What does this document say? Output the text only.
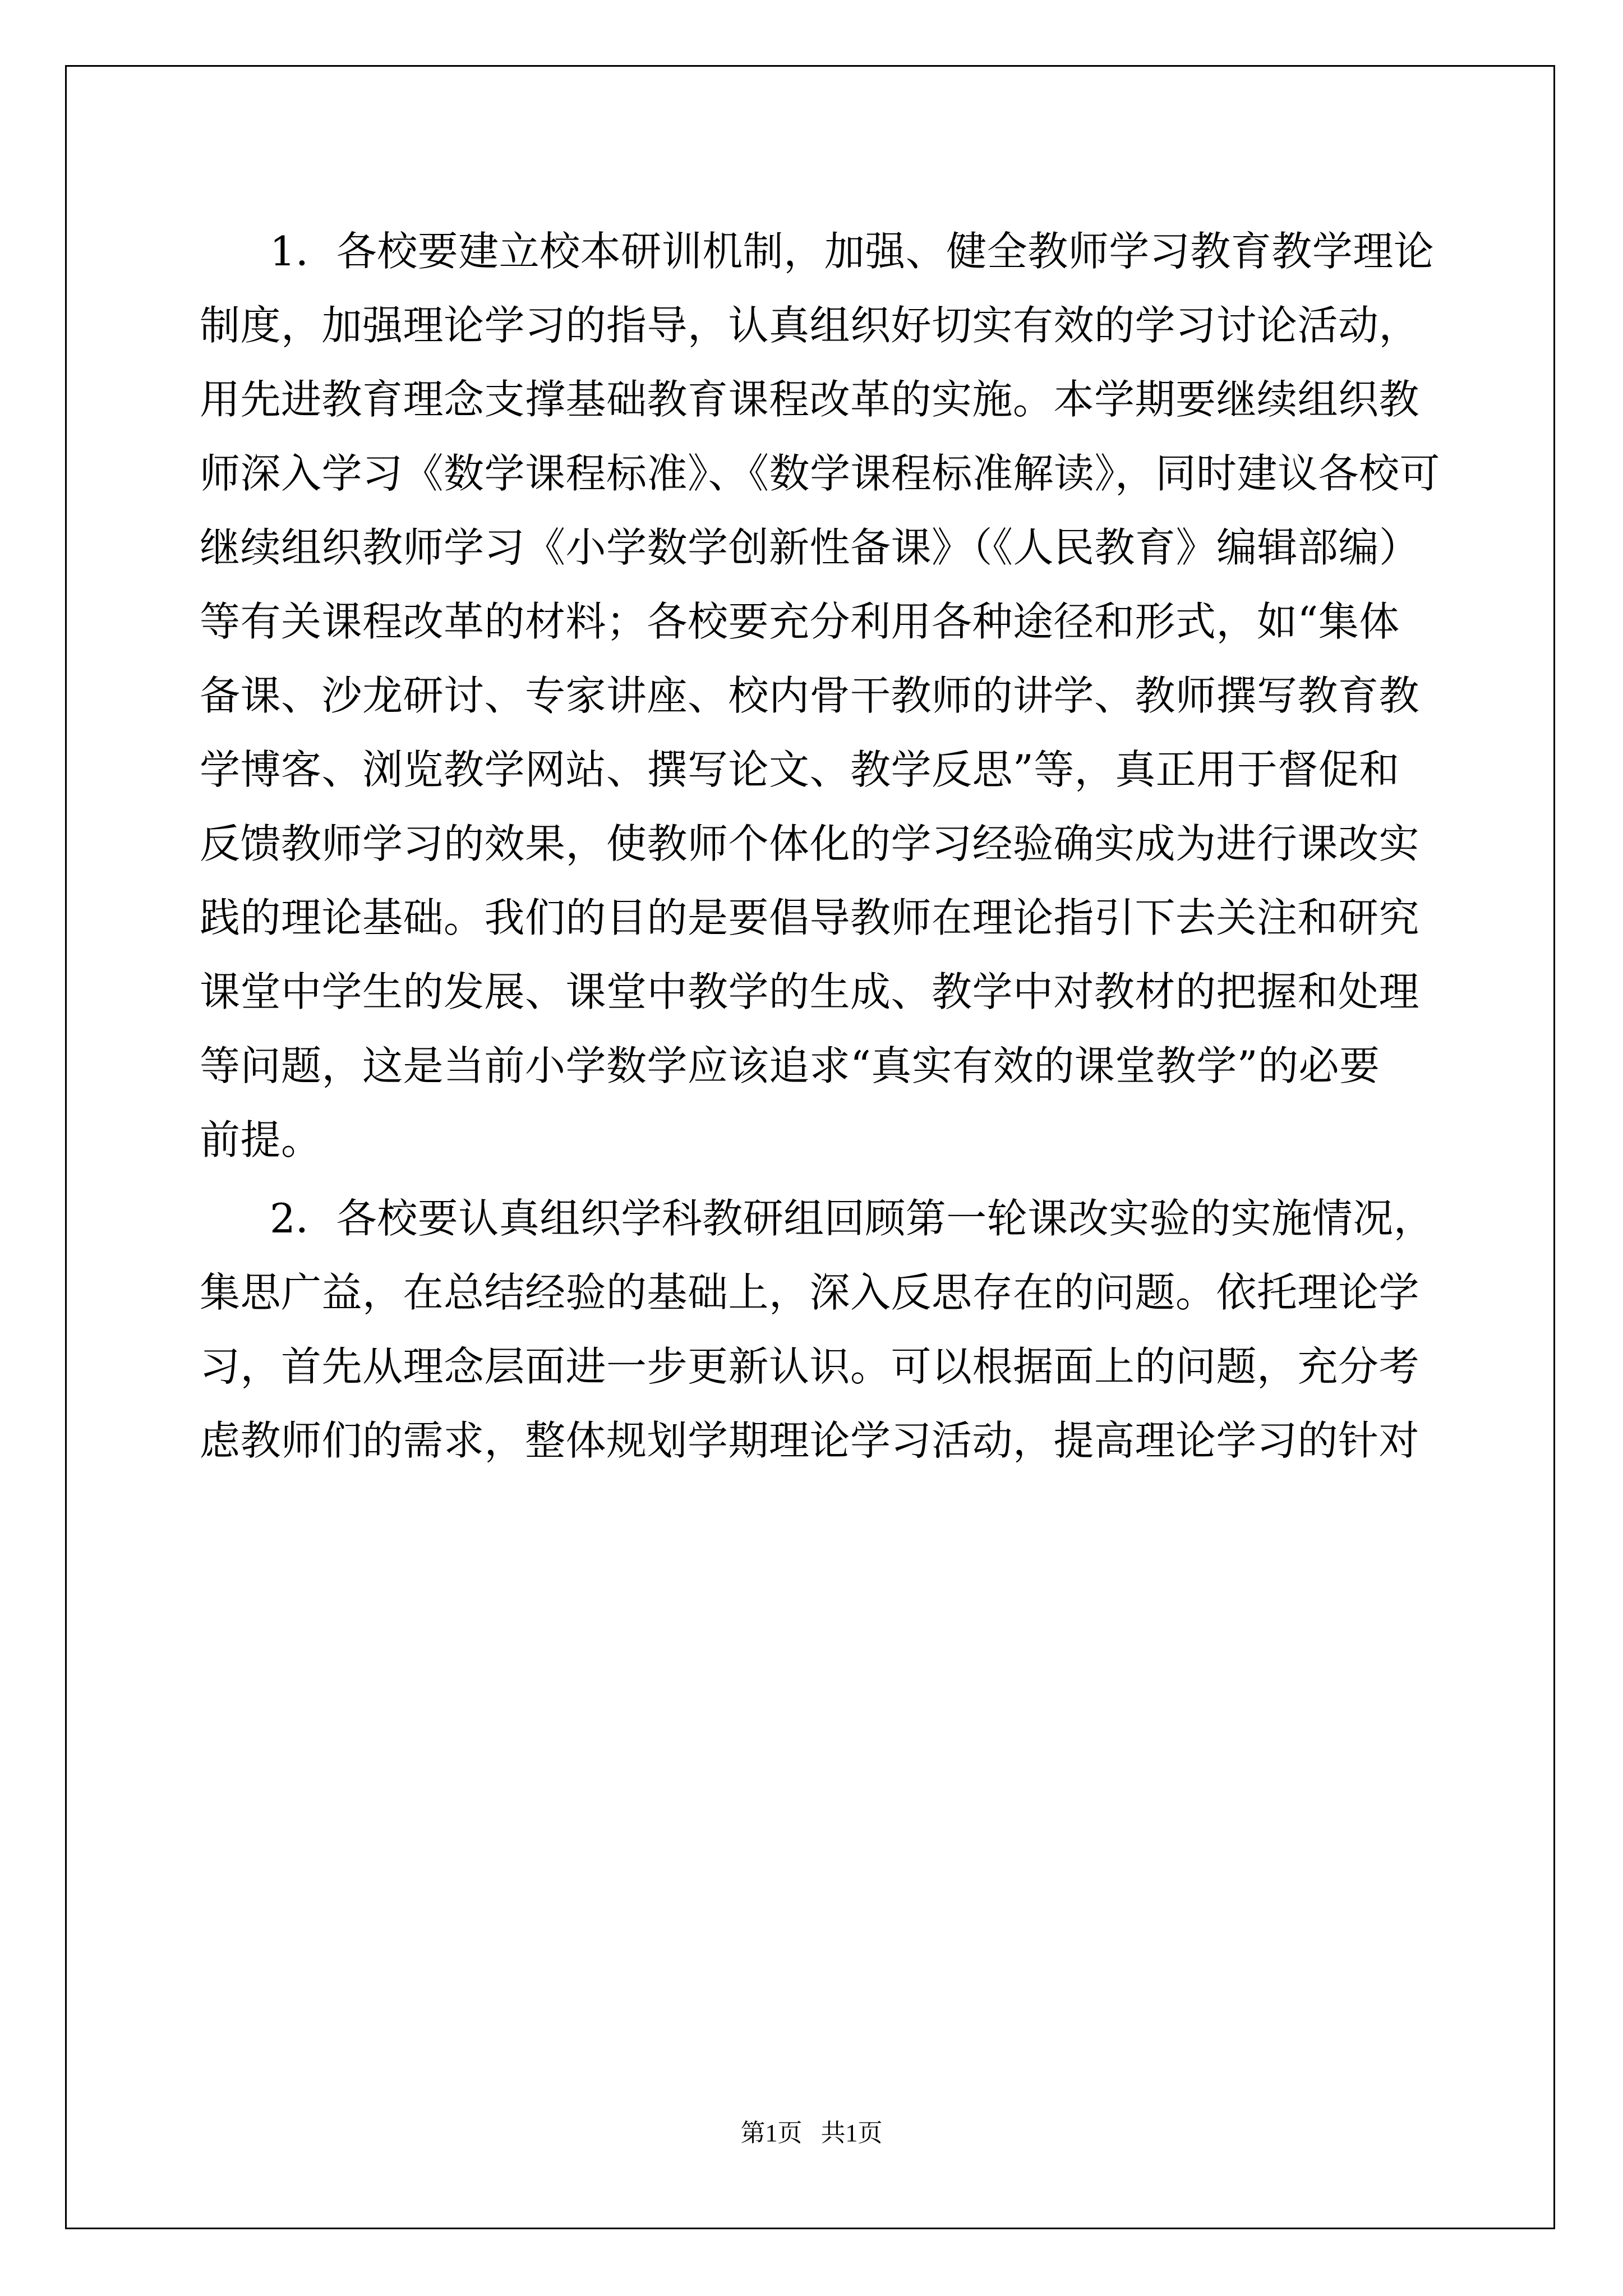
1．各校要建立校本研训机制，加强、健全教师学习教育教学理论
制度，加强理论学习的指导，认真组织好切实有效的学习讨论活动，
用先进教育理念支撑基础教育课程改革的实施。本学期要继续组织教
师深入学习《数学课程标准》、《数学课程标准解读》，同时建议各校可
继续组织教师学习《小学数学创新性备课》（《人民教育》编辑部编）
等有关课程改革的材料；各校要充分利用各种途径和形式，如“集体
备课、沙龙研讨、专家讲座、校内骨干教师的讲学、教师撰写教育教
学博客、浏览教学网站、撰写论文、教学反思”等，真正用于督促和
反馈教师学习的效果，使教师个体化的学习经验确实成为进行课改实
践的理论基础。我们的目的是要倡导教师在理论指引下去关注和研究
课堂中学生的发展、课堂中教学的生成、教学中对教材的把握和处理
等问题，这是当前小学数学应该追求“真实有效的课堂教学”的必要
前提。
2．各校要认真组织学科教研组回顾第一轮课改实验的实施情况，
集思广益，在总结经验的基础上，深入反思存在的问题。依托理论学
习，首先从理念层面进一步更新认识。可以根据面上的问题，充分考
虑教师们的需求，整体规划学期理论学习活动，提高理论学习的针对
第1页   共1页
